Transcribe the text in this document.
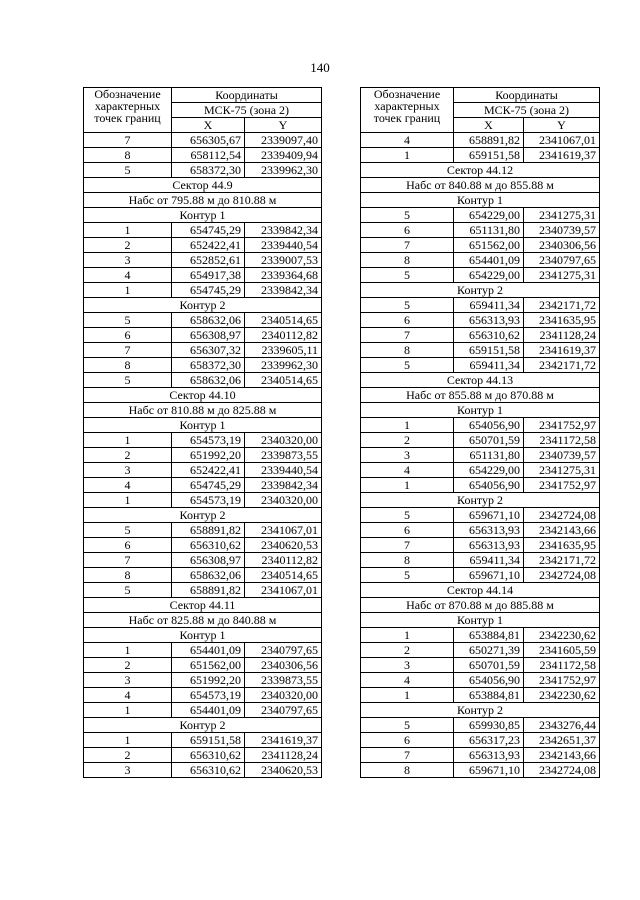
140
Обозначение
характерных
точек границ	Координаты	
	МСК-75 (зона 2)	
	X	Y
7	656305,67	2339097,40
8	658112,54	2339409,94
5	658372,30	2339962,30
Сектор 44.9		
Набс от 795.88 м до 810.88 м		
Контур 1		
1	654745,29	2339842,34
2	652422,41	2339440,54
3	652852,61	2339007,53
4	654917,38	2339364,68
1	654745,29	2339842,34
Контур 2		
5	658632,06	2340514,65
6	656308,97	2340112,82
7	656307,32	2339605,11
8	658372,30	2339962,30
5	658632,06	2340514,65
Сектор 44.10		
Набс от 810.88 м до 825.88 м		
Контур 1		
1	654573,19	2340320,00
2	651992,20	2339873,55
3	652422,41	2339440,54
4	654745,29	2339842,34
1	654573,19	2340320,00
Контур 2		
5	658891,82	2341067,01
6	656310,62	2340620,53
7	656308,97	2340112,82
8	658632,06	2340514,65
5	658891,82	2341067,01
Сектор 44.11		
Набс от 825.88 м до 840.88 м		
Контур 1		
1	654401,09	2340797,65
2	651562,00	2340306,56
3	651992,20	2339873,55
4	654573,19	2340320,00
1	654401,09	2340797,65
Контур 2		
1	659151,58	2341619,37
2	656310,62	2341128,24
3	656310,62	2340620,53
Обозначение
характерных
точек границ	Координаты	
	МСК-75 (зона 2)	
	X	Y
4	658891,82	2341067,01
1	659151,58	2341619,37
Сектор 44.12		
Набс от 840.88 м до 855.88 м		
Контур 1		
5	654229,00	2341275,31
6	651131,80	2340739,57
7	651562,00	2340306,56
8	654401,09	2340797,65
5	654229,00	2341275,31
Контур 2		
5	659411,34	2342171,72
6	656313,93	2341635,95
7	656310,62	2341128,24
8	659151,58	2341619,37
5	659411,34	2342171,72
Сектор 44.13		
Набс от 855.88 м до 870.88 м		
Контур 1		
1	654056,90	2341752,97
2	650701,59	2341172,58
3	651131,80	2340739,57
4	654229,00	2341275,31
1	654056,90	2341752,97
Контур 2		
5	659671,10	2342724,08
6	656313,93	2342143,66
7	656313,93	2341635,95
8	659411,34	2342171,72
5	659671,10	2342724,08
Сектор 44.14		
Набс от 870.88 м до 885.88 м		
Контур 1		
1	653884,81	2342230,62
2	650271,39	2341605,59
3	650701,59	2341172,58
4	654056,90	2341752,97
1	653884,81	2342230,62
Контур 2		
5	659930,85	2343276,44
6	656317,23	2342651,37
7	656313,93	2342143,66
8	659671,10	2342724,08
